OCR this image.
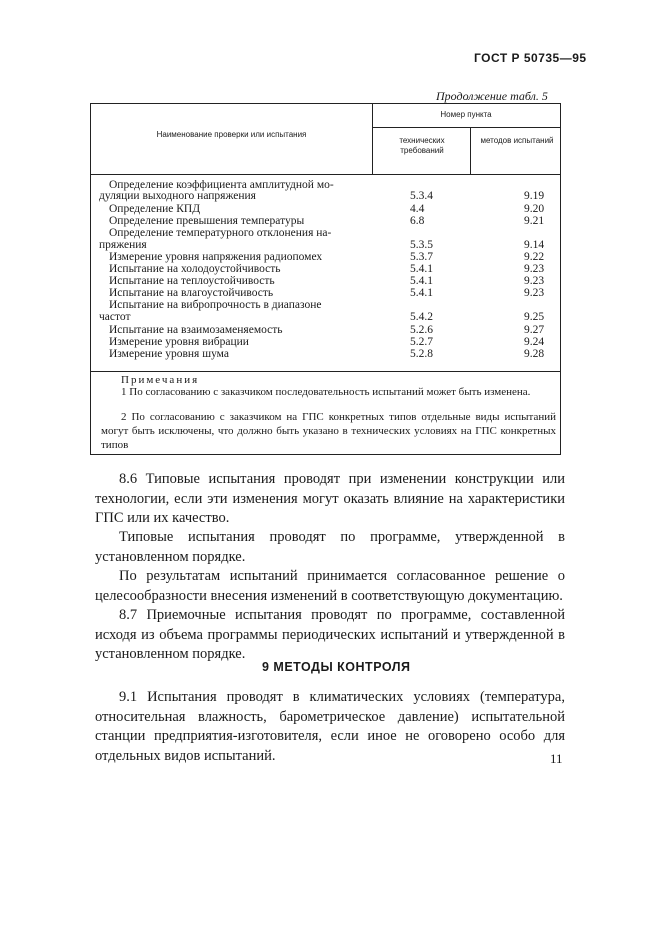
ГОСТ Р 50735—95
Продолжение табл. 5
Наименование проверки или испытания
Номер пункта
технических требований
методов испытаний
Определение коэффициента амплитудной мо-
дуляции выходного напряжения	5.3.4	9.19
Определение КПД	4.4	9.20
Определение превышения температуры	6.8	9.21
Определение температурного отклонения на-
пряжения	5.3.5	9.14
Измерение уровня напряжения радиопомех	5.3.7	9.22
Испытание на холодоустойчивость	5.4.1	9.23
Испытание на теплоустойчивость	5.4.1	9.23
Испытание на влагоустойчивость	5.4.1	9.23
Испытание на вибропрочность в диапазоне
частот	5.4.2	9.25
Испытание на взаимозаменяемость	5.2.6	9.27
Измерение уровня вибрации	5.2.7	9.24
Измерение уровня шума	5.2.8	9.28
Примечания
1 По согласованию с заказчиком последовательность испытаний может быть изменена.
2 По согласованию с заказчиком на ГПС конкретных типов отдельные виды испытаний могут быть исключены, что должно быть указано в технических условиях на ГПС конкретных типов
8.6 Типовые испытания проводят при изменении конструкции или технологии, если эти изменения могут оказать влияние на характеристики ГПС или их качество.
Типовые испытания проводят по программе, утвержденной в установленном порядке.
По результатам испытаний принимается согласованное решение о целесообразности внесения изменений в соответствующую документацию.
8.7 Приемочные испытания проводят по программе, составленной исходя из объема программы периодических испытаний и утвержденной в установленном порядке.
9 МЕТОДЫ КОНТРОЛЯ
9.1 Испытания проводят в климатических условиях (температура, относительная влажность, барометрическое давление) испытательной станции предприятия-изготовителя, если иное не оговорено особо для отдельных видов испытаний.	11
